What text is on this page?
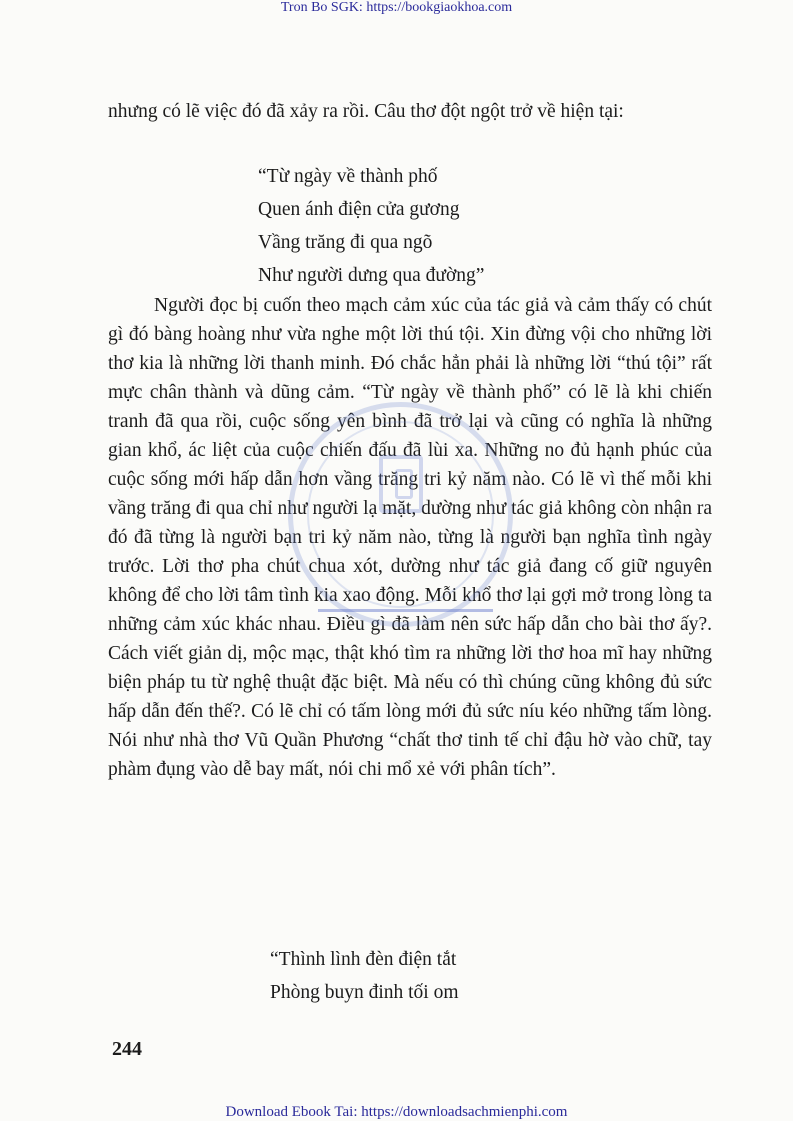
Tron Bo SGK: https://bookgiaokhoa.com

nhưng có lẽ việc đó đã xảy ra rồi. Câu thơ đột ngột trở về hiện tại:

“Từ ngày về thành phố
Quen ánh điện cửa gương
Vầng trăng đi qua ngõ
Như người dưng qua đường”
Người đọc bị cuốn theo mạch cảm xúc của tác giả và cảm thấy có chút gì đó bàng hoàng như vừa nghe một lời thú tội. Xin đừng vội cho những lời thơ kia là những lời thanh minh. Đó chắc hẳn phải là những lời “thú tội” rất mực chân thành và dũng cảm. “Từ ngày về thành phố” có lẽ là khi chiến tranh đã qua rồi, cuộc sống yên bình đã trở lại và cũng có nghĩa là những gian khổ, ác liệt của cuộc chiến đấu đã lùi xa. Những no đủ hạnh phúc của cuộc sống mới hấp dẫn hơn vầng trăng tri kỷ năm nào. Có lẽ vì thế mỗi khi vầng trăng đi qua chỉ như người lạ mặt, dường như tác giả không còn nhận ra đó đã từng là người bạn tri kỷ năm nào, từng là người bạn nghĩa tình ngày trước. Lời thơ pha chút chua xót, dường như tác giả đang cố giữ nguyên không để cho lời tâm tình kia xao động. Mỗi khổ thơ lại gợi mở trong lòng ta những cảm xúc khác nhau. Điều gì đã làm nên sức hấp dẫn cho bài thơ ấy?. Cách viết giản dị, mộc mạc, thật khó tìm ra những lời thơ hoa mĩ hay những biện pháp tu từ nghệ thuật đặc biệt. Mà nếu có thì chúng cũng không đủ sức hấp dẫn đến thế?. Có lẽ chỉ có tấm lòng mới đủ sức níu kéo những tấm lòng. Nói như nhà thơ Vũ Quần Phương “chất thơ tinh tế chỉ đậu hờ vào chữ, tay phàm đụng vào dễ bay mất, nói chi mổ xẻ với phân tích”.
“Thình lình đèn điện tắt
Phòng buyn đinh tối om
244
Download Ebook Tai: https://downloadsachmienphi.com
